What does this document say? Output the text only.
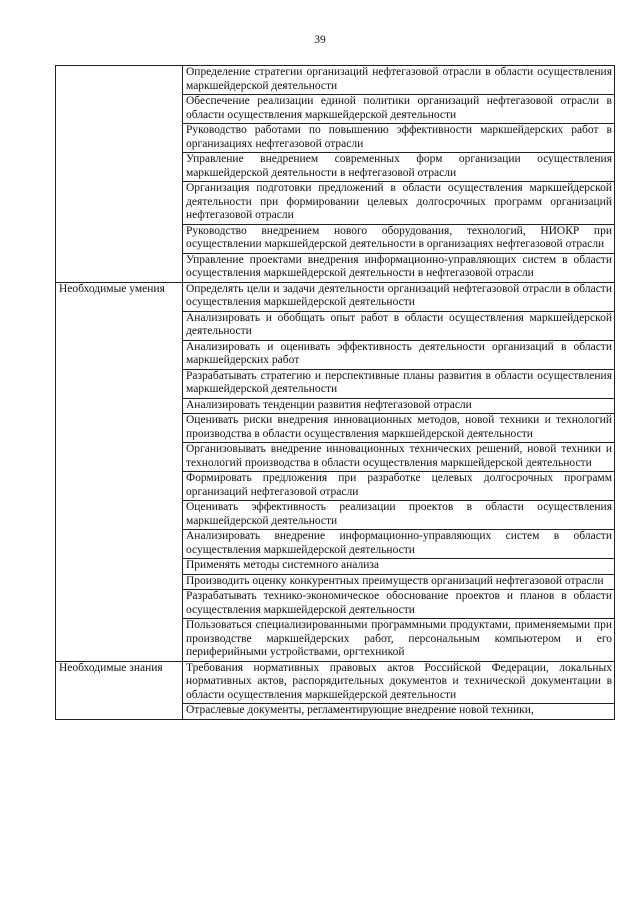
39
	Определение стратегии организаций нефтегазовой отрасли в области осуществления маркшейдерской деятельности
	Обеспечение реализации единой политики организаций нефтегазовой отрасли в области осуществления маркшейдерской деятельности
	Руководство работами по повышению эффективности маркшейдерских работ в организациях нефтегазовой отрасли
	Управление внедрением современных форм организации осуществления маркшейдерской деятельности в нефтегазовой отрасли
	Организация подготовки предложений в области осуществления маркшейдерской деятельности при формировании целевых долгосрочных программ организаций нефтегазовой отрасли
	Руководство внедрением нового оборудования, технологий, НИОКР при осуществлении маркшейдерской деятельности в организациях нефтегазовой отрасли
	Управление проектами внедрения информационно-управляющих систем в области осуществления маркшейдерской деятельности в нефтегазовой отрасли
Необходимые умения	Определять цели и задачи деятельности организаций нефтегазовой отрасли в области осуществления маркшейдерской деятельности
	Анализировать и обобщать опыт работ в области осуществления маркшейдерской деятельности
	Анализировать и оценивать эффективность деятельности организаций в области маркшейдерских работ
	Разрабатывать стратегию и перспективные планы развития в области осуществления маркшейдерской деятельности
	Анализировать тенденции развития нефтегазовой отрасли
	Оценивать риски внедрения инновационных методов, новой техники и технологий производства в области осуществления маркшейдерской деятельности
	Организовывать внедрение инновационных технических решений, новой техники и технологий производства в области осуществления маркшейдерской деятельности
	Формировать предложения при разработке целевых долгосрочных программ организаций нефтегазовой отрасли
	Оценивать эффективность реализации проектов в области осуществления маркшейдерской деятельности
	Анализировать внедрение информационно-управляющих систем в области осуществления маркшейдерской деятельности
	Применять методы системного анализа
	Производить оценку конкурентных преимуществ организаций нефтегазовой отрасли
	Разрабатывать технико-экономическое обоснование проектов и планов в области осуществления маркшейдерской деятельности
	Пользоваться специализированными программными продуктами, применяемыми при производстве маркшейдерских работ, персональным компьютером и его периферийными устройствами, оргтехникой
Необходимые знания	Требования нормативных правовых актов Российской Федерации, локальных нормативных актов, распорядительных документов и технической документации в области осуществления маркшейдерской деятельности
	Отраслевые документы, регламентирующие внедрение новой техники,
